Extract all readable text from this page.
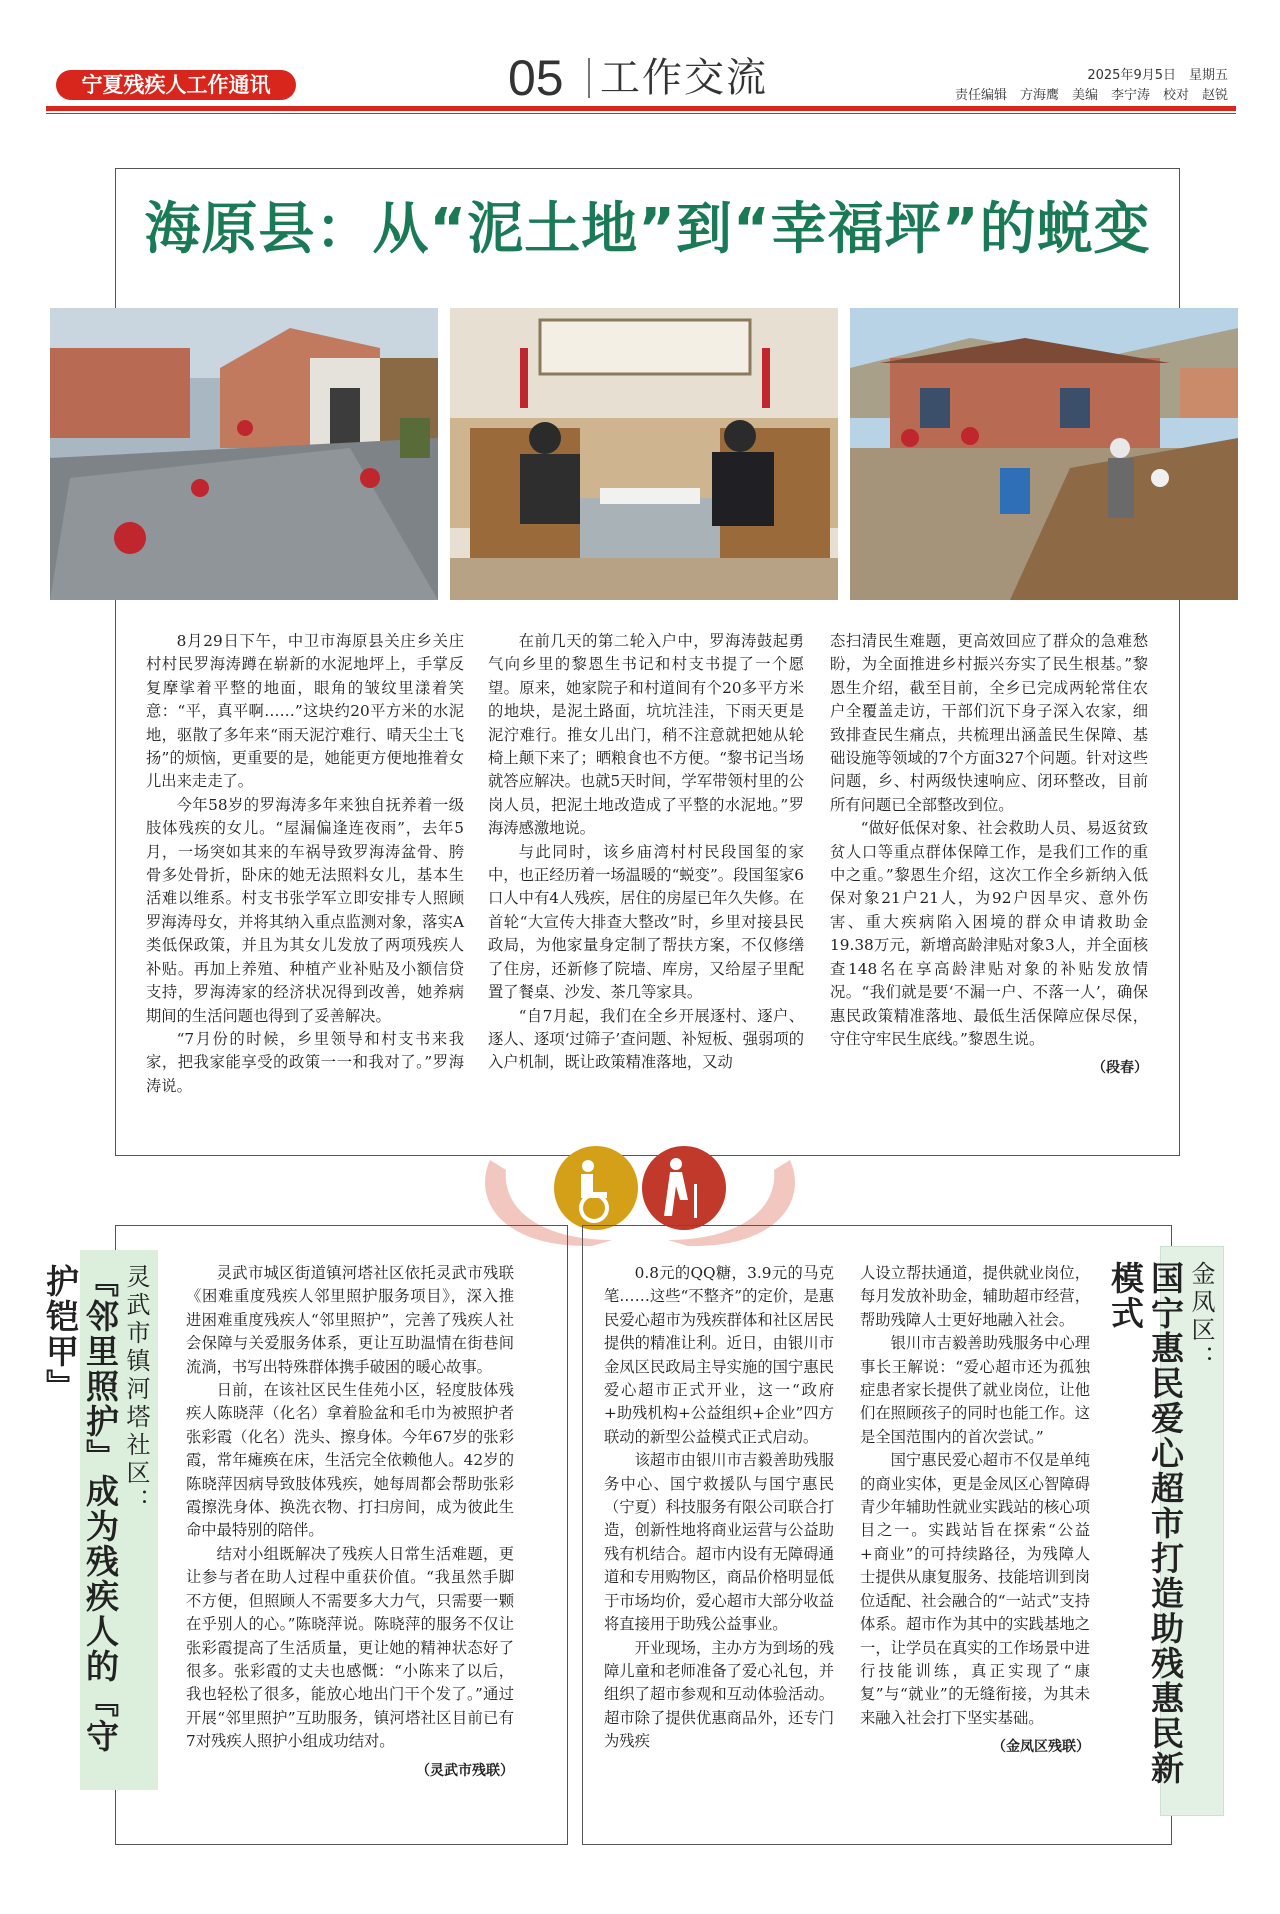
宁夏残疾人工作通讯	05 工作交流	2025年9月5日　星期五
责任编辑　方海鹰　美编　李宁涛　校对　赵锐
海原县：从“泥土地”到“幸福坪”的蜕变

8月29日下午，中卫市海原县关庄乡关庄村村民罗海涛蹲在崭新的水泥地坪上，手掌反复摩挲着平整的地面，眼角的皱纹里漾着笑意：“平，真平啊……”这块约20平方米的水泥地，驱散了多年来“雨天泥泞难行、晴天尘土飞扬”的烦恼，更重要的是，她能更方便地推着女儿出来走走了。

今年58岁的罗海涛多年来独自抚养着一级肢体残疾的女儿。“屋漏偏逢连夜雨”，去年5月，一场突如其来的车祸导致罗海涛盆骨、胯骨多处骨折，卧床的她无法照料女儿，基本生活难以维系。村支书张学军立即安排专人照顾罗海涛母女，并将其纳入重点监测对象，落实A类低保政策，并且为其女儿发放了两项残疾人补贴。再加上养殖、种植产业补贴及小额信贷支持，罗海涛家的经济状况得到改善，她养病期间的生活问题也得到了妥善解决。

“7月份的时候，乡里领导和村支书来我家，把我家能享受的政策一一和我对了。”罗海涛说。

在前几天的第二轮入户中，罗海涛鼓起勇气向乡里的黎恩生书记和村支书提了一个愿望。原来，她家院子和村道间有个20多平方米的地块，是泥土路面，坑坑洼洼，下雨天更是泥泞难行。推女儿出门，稍不注意就把她从轮椅上颠下来了；晒粮食也不方便。“黎书记当场就答应解决。也就5天时间，学军带领村里的公岗人员，把泥土地改造成了平整的水泥地。”罗海涛感激地说。

与此同时，该乡庙湾村村民段国玺的家中，也正经历着一场温暖的“蜕变”。段国玺家6口人中有4人残疾，居住的房屋已年久失修。在首轮“大宣传大排查大整改”时，乡里对接县民政局，为他家量身定制了帮扶方案，不仅修缮了住房，还新修了院墙、库房，又给屋子里配置了餐桌、沙发、茶几等家具。

“自7月起，我们在全乡开展逐村、逐户、逐人、逐项‘过筛子’查问题、补短板、强弱项的入户机制，既让政策精准落地，又动

态扫清民生难题，更高效回应了群众的急难愁盼，为全面推进乡村振兴夯实了民生根基。”黎恩生介绍，截至目前，全乡已完成两轮常住农户全覆盖走访，干部们沉下身子深入农家，细致排查民生痛点，共梳理出涵盖民生保障、基础设施等领域的7个方面327个问题。针对这些问题，乡、村两级快速响应、闭环整改，目前所有问题已全部整改到位。

“做好低保对象、社会救助人员、易返贫致贫人口等重点群体保障工作，是我们工作的重中之重。”黎恩生介绍，这次工作全乡新纳入低保对象21户21人，为92户因旱灾、意外伤害、重大疾病陷入困境的群众申请救助金19.38万元，新增高龄津贴对象3人，并全面核查148名在享高龄津贴对象的补贴发放情况。“我们就是要‘不漏一户、不落一人’，确保惠民政策精准落地、最低生活保障应保尽保，守住守牢民生底线。”黎恩生说。

（段春）
灵武市镇河塔社区：
『邻里照护』成为残疾人的『守护铠甲』	灵武市城区街道镇河塔社区依托灵武市残联《困难重度残疾人邻里照护服务项目》，深入推进困难重度残疾人“邻里照护”，完善了残疾人社会保障与关爱服务体系，更让互助温情在街巷间流淌，书写出特殊群体携手破困的暖心故事。

日前，在该社区民生佳苑小区，轻度肢体残疾人陈晓萍（化名）拿着脸盆和毛巾为被照护者张彩霞（化名）洗头、擦身体。今年67岁的张彩霞，常年瘫痪在床，生活完全依赖他人。42岁的陈晓萍因病导致肢体残疾，她每周都会帮助张彩霞擦洗身体、换洗衣物、打扫房间，成为彼此生命中最特别的陪伴。

结对小组既解决了残疾人日常生活难题，更让参与者在助人过程中重获价值。“我虽然手脚不方便，但照顾人不需要多大力气，只需要一颗在乎别人的心。”陈晓萍说。陈晓萍的服务不仅让张彩霞提高了生活质量，更让她的精神状态好了很多。张彩霞的丈夫也感慨：“小陈来了以后，我也轻松了很多，能放心地出门干个发了。”通过开展“邻里照护”互助服务，镇河塔社区目前已有7对残疾人照护小组成功结对。

（灵武市残联）

0.8元的QQ糖，3.9元的马克笔……这些“不整齐”的定价，是惠民爱心超市为残疾群体和社区居民提供的精准让利。近日，由银川市金凤区民政局主导实施的国宁惠民爱心超市正式开业，这一“政府+助残机构+公益组织+企业”四方联动的新型公益模式正式启动。

该超市由银川市吉毅善助残服务中心、国宁救援队与国宁惠民（宁夏）科技服务有限公司联合打造，创新性地将商业运营与公益助残有机结合。超市内设有无障碍通道和专用购物区，商品价格明显低于市场均价，爱心超市大部分收益将直接用于助残公益事业。

开业现场，主办方为到场的残障儿童和老师准备了爱心礼包，并组织了超市参观和互动体验活动。超市除了提供优惠商品外，还专门为残疾

人设立帮扶通道，提供就业岗位，每月发放补助金，辅助超市经营，帮助残障人士更好地融入社会。

银川市吉毅善助残服务中心理事长王解说：“爱心超市还为孤独症患者家长提供了就业岗位，让他们在照顾孩子的同时也能工作。这是全国范围内的首次尝试。”

国宁惠民爱心超市不仅是单纯的商业实体，更是金凤区心智障碍青少年辅助性就业实践站的核心项目之一。实践站旨在探索“公益+商业”的可持续路径，为残障人士提供从康复服务、技能培训到岗位适配、社会融合的“一站式”支持体系。超市作为其中的实践基地之一，让学员在真实的工作场景中进行技能训练，真正实现了“康复”与“就业”的无缝衔接，为其未来融入社会打下坚实基础。

（金凤区残联）
金凤区：
国宁惠民爱心超市打造助残惠民新模式
